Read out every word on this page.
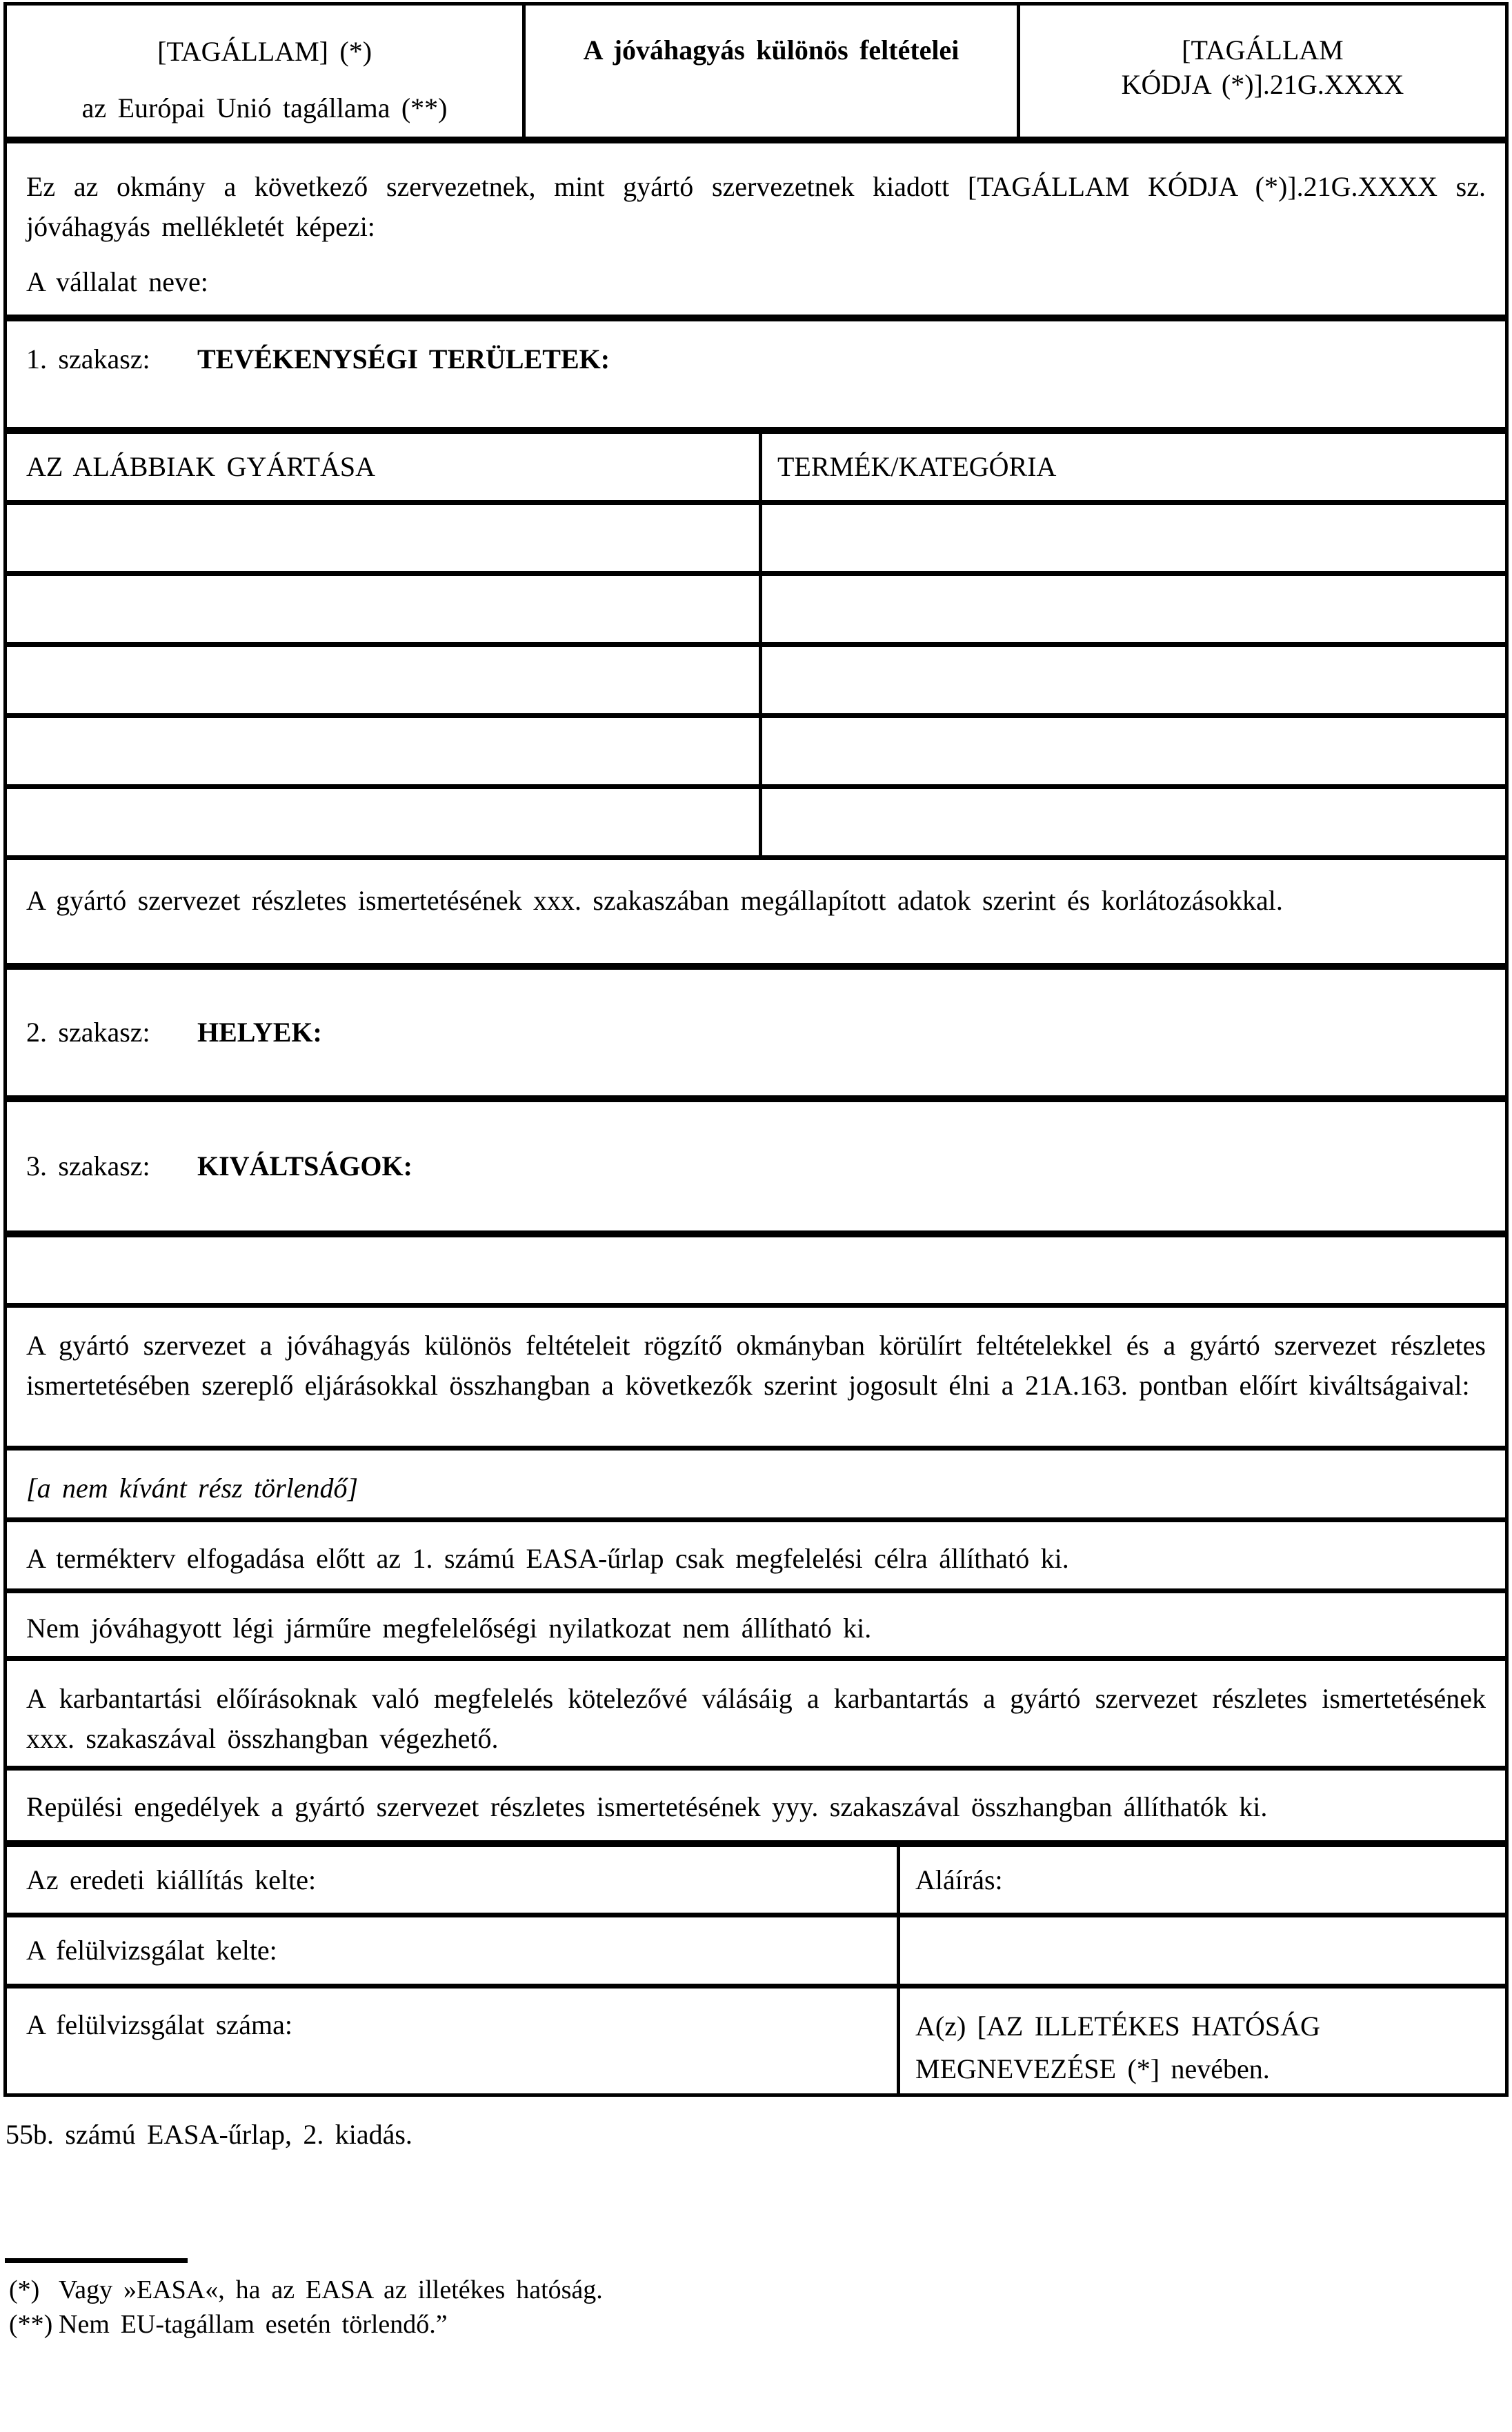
[TAGÁLLAM] (*)
az Európai Unió tagállama (**)
A jóváhagyás különös feltételei	[TAGÁLLAM
KÓDJA (*)].21G.XXXX

Ez az okmány a következő szervezetnek, mint gyártó szervezetnek kiadott [TAGÁLLAM KÓDJA (*)].21G.XXXX sz. jóváhagyás mellékletét képezi:

A vállalat neve:

1. szakasz:	TEVÉKENYSÉGI TERÜLETEK:
AZ ALÁBBIAK GYÁRTÁSA	TERMÉK/KATEGÓRIA
A gyártó szervezet részletes ismertetésének xxx. szakaszában megállapított adatok szerint és korlátozásokkal.
2. szakasz:	HELYEK:
3. szakasz:	KIVÁLTSÁGOK:
A gyártó szervezet a jóváhagyás különös feltételeit rögzítő okmányban körülírt feltételekkel és a gyártó szervezet részletes ismertetésében szereplő eljárásokkal összhangban a következők szerint jogosult élni a 21A.163. pontban előírt kiváltságaival:
[a nem kívánt rész törlendő]
A termékterv elfogadása előtt az 1. számú EASA-űrlap csak megfelelési célra állítható ki.
Nem jóváhagyott légi járműre megfelelőségi nyilatkozat nem állítható ki.
A karbantartási előírásoknak való megfelelés kötelezővé válásáig a karbantartás a gyártó szervezet részletes ismertetésének xxx. szakaszával összhangban végezhető.
Repülési engedélyek a gyártó szervezet részletes ismertetésének yyy. szakaszával összhangban állíthatók ki.
Az eredeti kiállítás kelte:	Aláírás:
A felülvizsgálat kelte:
A felülvizsgálat száma:	A(z) [AZ ILLETÉKES HATÓSÁG
MEGNEVEZÉSE (*] nevében.

55b. számú EASA-űrlap, 2. kiadás.

(*) Vagy »EASA«, ha az EASA az illetékes hatóság.
(**) Nem EU-tagállam esetén törlendő.”
